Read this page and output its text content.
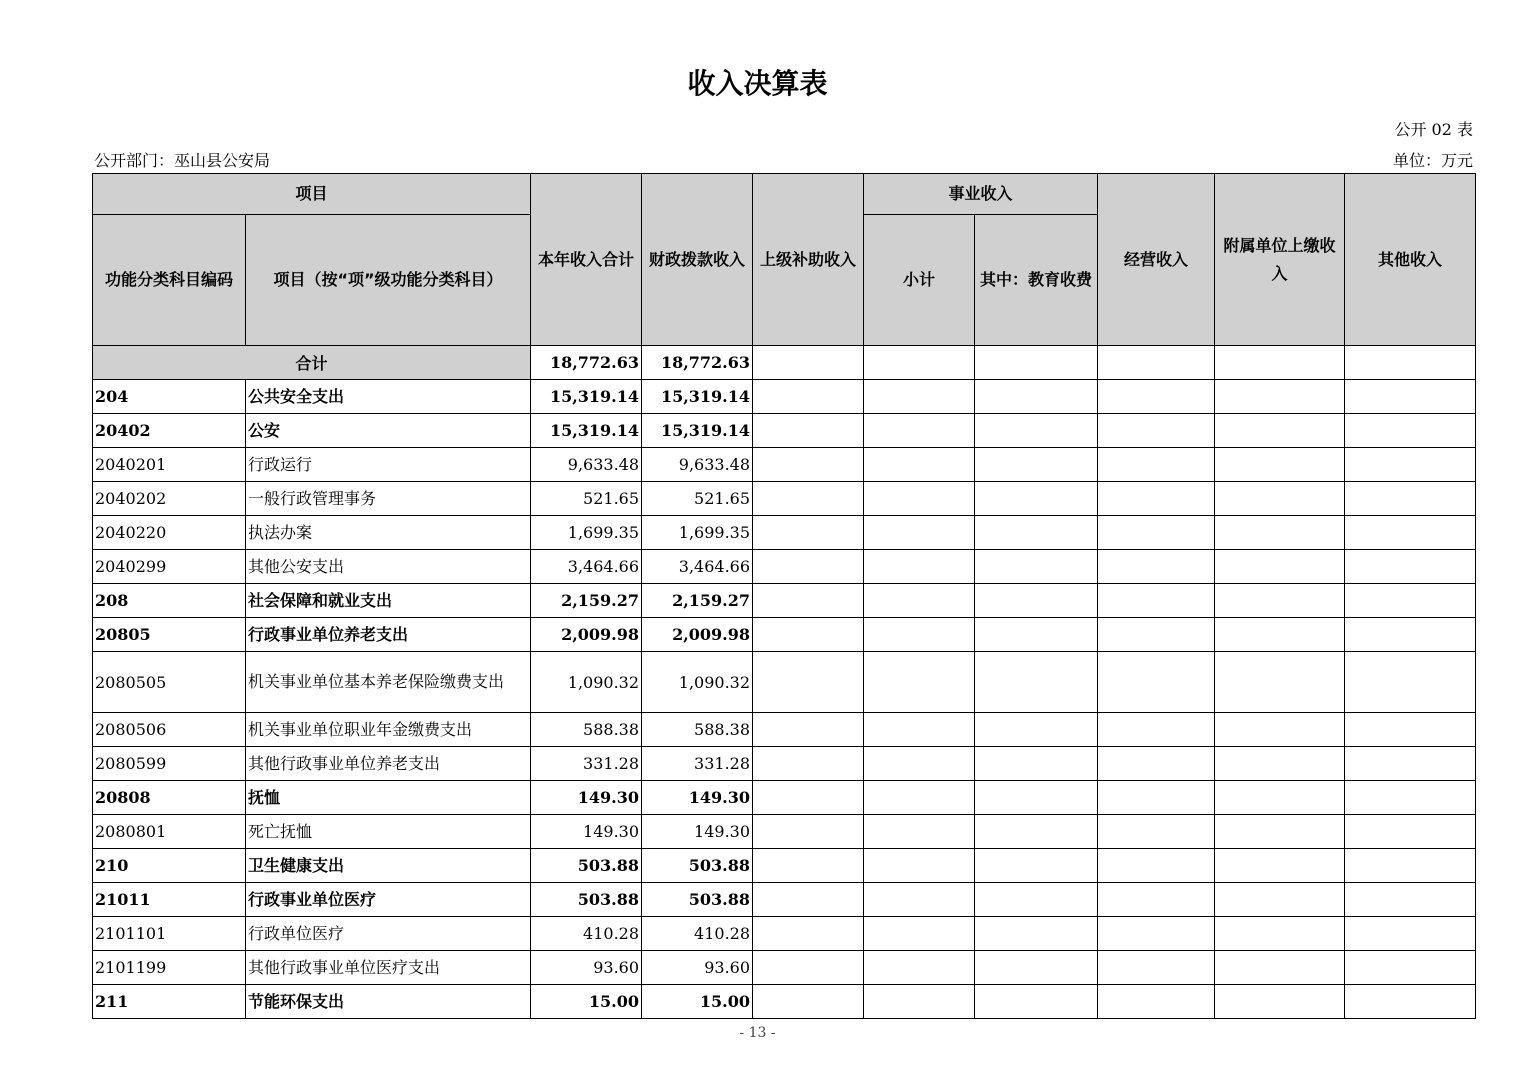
收入决算表
公开 02 表
公开部门：巫山县公安局	单位：万元
项目		本年收入合计	财政拨款收入	上级补助收入	事业收入		经营收入	附属单位上缴收入	其他收入
功能分类科目编码	项目（按“项”级功能分类科目）				小计	其中：教育收费			
合计		18,772.63	18,772.63						
204	公共安全支出	15,319.14	15,319.14						
20402	公安	15,319.14	15,319.14						
2040201	行政运行	9,633.48	9,633.48						
2040202	一般行政管理事务	521.65	521.65						
2040220	执法办案	1,699.35	1,699.35						
2040299	其他公安支出	3,464.66	3,464.66						
208	社会保障和就业支出	2,159.27	2,159.27						
20805	行政事业单位养老支出	2,009.98	2,009.98						
2080505	机关事业单位基本养老保险缴费支出	1,090.32	1,090.32						
2080506	机关事业单位职业年金缴费支出	588.38	588.38						
2080599	其他行政事业单位养老支出	331.28	331.28						
20808	抚恤	149.30	149.30						
2080801	死亡抚恤	149.30	149.30						
210	卫生健康支出	503.88	503.88						
21011	行政事业单位医疗	503.88	503.88						
2101101	行政单位医疗	410.28	410.28						
2101199	其他行政事业单位医疗支出	93.60	93.60						
211	节能环保支出	15.00	15.00						
- 13 -
